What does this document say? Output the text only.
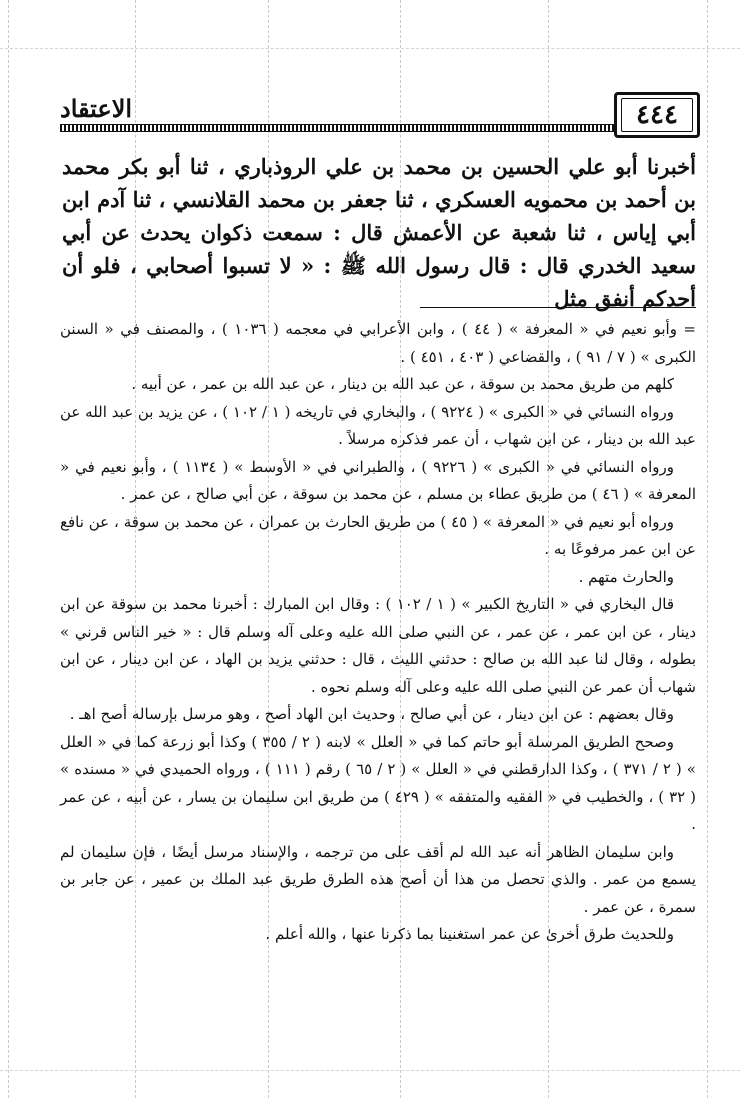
٤٤٤
الاعتقاد

أخبرنا أبو علي الحسين بن محمد بن علي الروذباري ، ثنا أبو بكر محمد بن أحمد بن محمويه العسكري ، ثنا جعفر بن محمد القلانسي ، ثنا آدم ابن أبي إياس ، ثنا شعبة عن الأعمش قال : سمعت ذكوان يحدث عن أبي سعيد الخدري قال : قال رسول الله ﷺ : « لا تسبوا أصحابي ، فلو أن أحدكم أنفق مثل

= وأبو نعيم في « المعرفة » ( ٤٤ ) ، وابن الأعرابي في معجمه ( ١٠٣٦ ) ، والمصنف في « السنن الكبرى » ( ٧ / ٩١ ) ، والقضاعي ( ٤٠٣ ، ٤٥١ ) .

كلهم من طريق محمد بن سوقة ، عن عبد الله بن دينار ، عن عبد الله بن عمر ، عن أبيه .

ورواه النسائي في « الكبرى » ( ٩٢٢٤ ) ، والبخاري في تاريخه ( ١ / ١٠٢ ) ، عن يزيد بن عبد الله عن عبد الله بن دينار ، عن ابن شهاب ، أن عمر فذكره مرسلاً .

ورواه النسائي في « الكبرى » ( ٩٢٢٦ ) ، والطبراني في « الأوسط » ( ١١٣٤ ) ، وأبو نعيم في « المعرفة » ( ٤٦ ) من طريق عطاء بن مسلم ، عن محمد بن سوقة ، عن أبي صالح ، عن عمر .

ورواه أبو نعيم في « المعرفة » ( ٤٥ ) من طريق الحارث بن عمران ، عن محمد بن سوقة ، عن نافع عن ابن عمر مرفوعًا به .

والحارث متهم .

قال البخاري في « التاريخ الكبير » ( ١ / ١٠٢ ) : وقال ابن المبارك : أخبرنا محمد بن سوقة عن ابن دينار ، عن ابن عمر ، عن عمر ، عن النبي صلى الله عليه وعلى آله وسلم قال : « خير الناس قرني » بطوله ، وقال لنا عبد الله بن صالح : حدثني الليث ، قال : حدثني يزيد بن الهاد ، عن ابن دينار ، عن ابن شهاب أن عمر عن النبي صلى الله عليه وعلى آله وسلم نحوه .

وقال بعضهم : عن ابن دينار ، عن أبي صالح ، وحديث ابن الهاد أصح ، وهو مرسل بإرساله أصح اهـ .

وصحح الطريق المرسلة أبو حاتم كما في « العلل » لابنه ( ٢ / ٣٥٥ ) وكذا أبو زرعة كما في « العلل » ( ٢ / ٣٧١ ) ، وكذا الدارقطني في « العلل » ( ٢ / ٦٥ ) رقم ( ١١١ ) ، ورواه الحميدي في « مسنده » ( ٣٢ ) ، والخطيب في « الفقيه والمتفقه » ( ٤٢٩ ) من طريق ابن سليمان بن يسار ، عن أبيه ، عن عمر .

وابن سليمان الظاهر أنه عبد الله لم أقف على من ترجمه ، والإسناد مرسل أيضًا ، فإن سليمان لم يسمع من عمر . والذي تحصل من هذا أن أصح هذه الطرق طريق عبد الملك بن عمير ، عن جابر بن سمرة ، عن عمر .

وللحديث طرق أخرىٰ عن عمر استغنينا بما ذكرنا عنها ، والله أعلم .
